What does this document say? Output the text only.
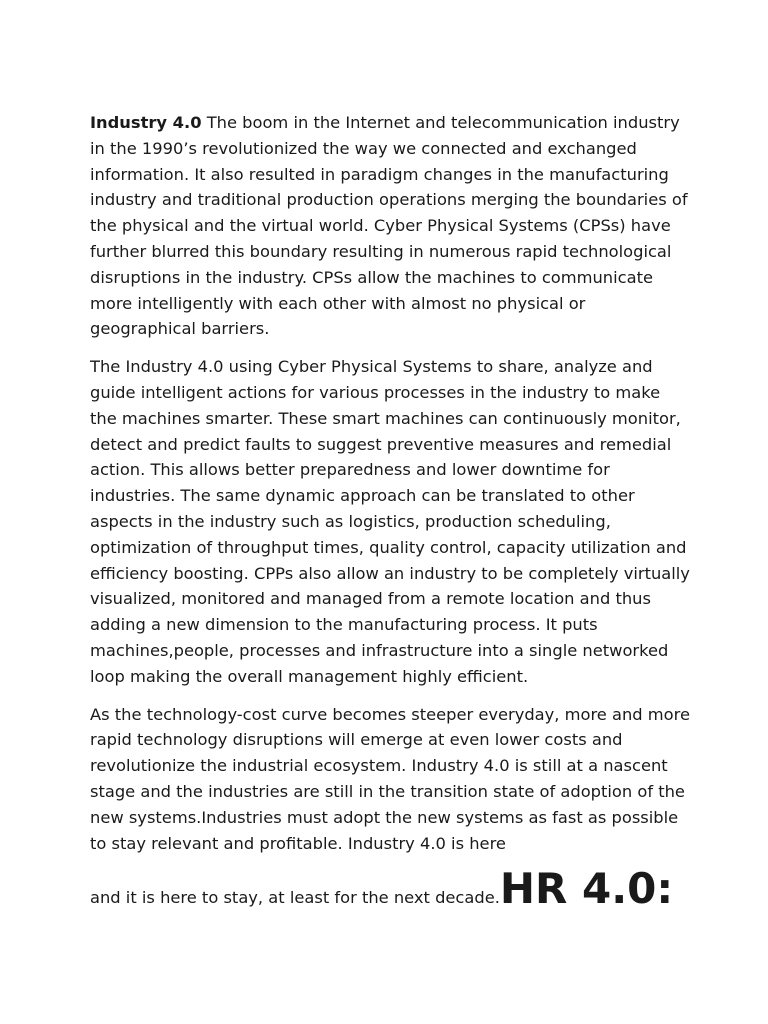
Industry 4.0 The boom in the Internet and telecommunication industry in the 1990’s revolutionized the way we connected and exchanged information. It also resulted in paradigm changes in the manufacturing industry and traditional production operations merging the boundaries of the physical and the virtual world. Cyber Physical Systems (CPSs) have further blurred this boundary resulting in numerous rapid technological disruptions in the industry. CPSs allow the machines to communicate more intelligently with each other with almost no physical or geographical barriers.

The Industry 4.0 using Cyber Physical Systems to share, analyze and guide intelligent actions for various processes in the industry to make the machines smarter. These smart machines can continuously monitor, detect and predict faults to suggest preventive measures and remedial action. This allows better preparedness and lower downtime for industries. The same dynamic approach can be translated to other aspects in the industry such as logistics, production scheduling, optimization of throughput times, quality control, capacity utilization and efficiency boosting. CPPs also allow an industry to be completely virtually visualized, monitored and managed from a remote location and thus adding a new dimension to the manufacturing process. It puts machines,people, processes and infrastructure into a single networked loop making the overall management highly efficient.

As the technology-cost curve becomes steeper everyday, more and more rapid technology disruptions will emerge at even lower costs and revolutionize the industrial ecosystem. Industry 4.0 is still at a nascent stage and the industries are still in the transition state of adoption of the new systems.Industries must adopt the new systems as fast as possible to stay relevant and profitable. Industry 4.0 is here

and it is here to stay, at least for the next decade.HR 4.0:
